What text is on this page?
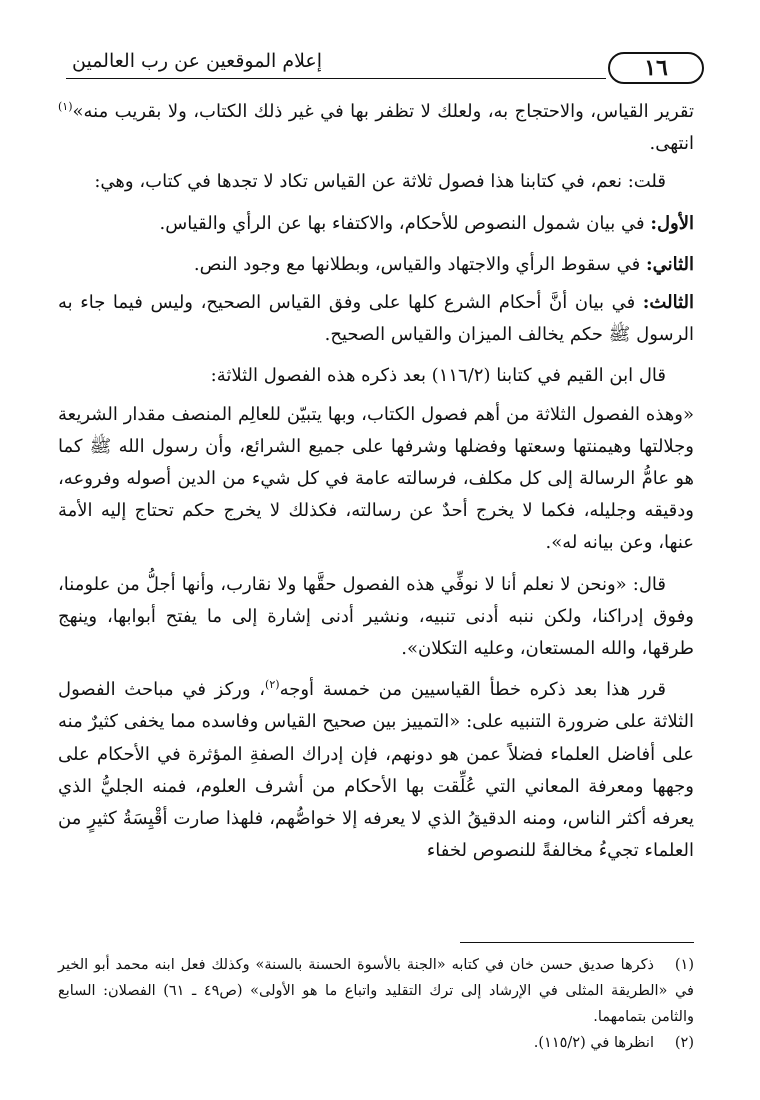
إعلام الموقعين عن رب العالمين	١٦

تقرير القياس، والاحتجاج به، ولعلك لا تظفر بها في غير ذلك الكتاب، ولا بقريب منه»$^{(١)}$ انتهى.

قلت: نعم، في كتابنا هذا فصول ثلاثة عن القياس تكاد لا تجدها في كتاب، وهي:

الأول: في بيان شمول النصوص للأحكام، والاكتفاء بها عن الرأي والقياس.

الثاني: في سقوط الرأي والاجتهاد والقياس، وبطلانها مع وجود النص.

الثالث: في بيان أنَّ أحكام الشرع كلها على وفق القياس الصحيح، وليس فيما جاء به الرسول ﷺ حكم يخالف الميزان والقياس الصحيح.

قال ابن القيم في كتابنا (١١٦/٢) بعد ذكره هذه الفصول الثلاثة:

«وهذه الفصول الثلاثة من أهم فصول الكتاب، وبها يتبيّن للعالِم المنصف مقدار الشريعة وجلالتها وهيمنتها وسعتها وفضلها وشرفها على جميع الشرائع، وأن رسول الله ﷺ كما هو عامُّ الرسالة إلى كل مكلف، فرسالته عامة في كل شيء من الدين أصوله وفروعه، ودقيقه وجليله، فكما لا يخرج أحدٌ عن رسالته، فكذلك لا يخرج حكم تحتاج إليه الأمة عنها، وعن بيانه له».

قال: «ونحن لا نعلم أنا لا نوفِّي هذه الفصول حقَّها ولا نقارب، وأنها أجلُّ من علومنا، وفوق إدراكنا، ولكن ننبه أدنى تنبيه، ونشير أدنى إشارة إلى ما يفتح أبوابها، وينهج طرقها، والله المستعان، وعليه التكلان».

قرر هذا بعد ذكره خطأ القياسيين من خمسة أوجه$^{(٢)}$، وركز في مباحث الفصول الثلاثة على ضرورة التنبيه على: «التمييز بين صحيح القياس وفاسده مما يخفى كثيرٌ منه على أفاضل العلماء فضلاً عمن هو دونهم، فإن إدراك الصفةِ المؤثرة في الأحكام على وجهها ومعرفة المعاني التي عُلِّقت بها الأحكام من أشرف العلوم، فمنه الجليُّ الذي يعرفه أكثر الناس، ومنه الدقيقُ الذي لا يعرفه إلا خواصُّهم، فلهذا صارت أقْيِسَةُ كثيرٍ من العلماء تجيءُ مخالفةً للنصوص لخفاء

(١)ذكرها صديق حسن خان في كتابه «الجنة بالأسوة الحسنة بالسنة» وكذلك فعل ابنه محمد أبو الخير في «الطريقة المثلى في الإرشاد إلى ترك التقليد واتباع ما هو الأولى» (ص٤٩ ـ ٦١) الفصلان: السابع والثامن بتمامهما.

(٢)انظرها في (١١٥/٢).
